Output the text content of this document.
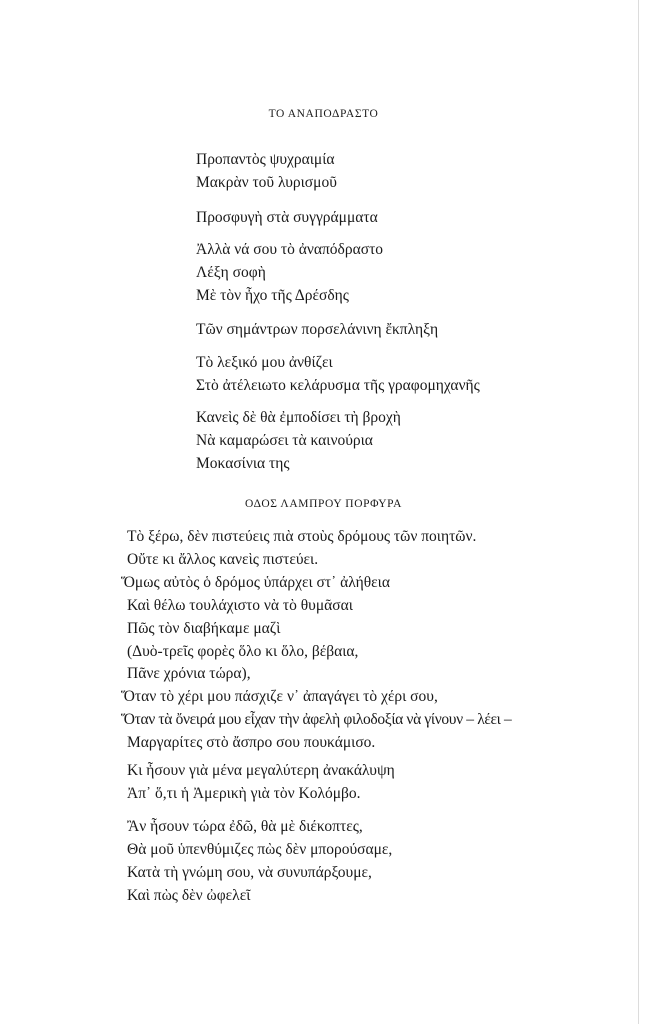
ΤΟ ΑΝΑΠΟΔΡΑΣΤΟ
Προπαντὸς ψυχραιμία
Μακρὰν τοῦ λυρισμοῦ
Προσφυγὴ στὰ συγγράμματα
Ἀλλὰ νά σου τὸ ἀναπόδραστο
Λέξη σοφὴ
Μὲ τὸν ἦχο τῆς Δρέσδης
Τῶν σημάντρων πορσελάνινη ἔκπληξη
Τὸ λεξικό μου ἀνθίζει
Στὸ ἀτέλειωτο κελάρυσμα τῆς γραφομηχανῆς
Κανεὶς δὲ θὰ ἐμποδίσει τὴ βροχὴ
Νὰ καμαρώσει τὰ καινούρια
Μοκασίνια της
ΟΔΟΣ ΛΑΜΠΡΟΥ ΠΟΡΦΥΡΑ
Τὸ ξέρω, δὲν πιστεύεις πιὰ στοὺς δρόμους τῶν ποιητῶν.
Οὔτε κι ἄλλος κανεὶς πιστεύει.
Ὅμως αὐτὸς ὁ δρόμος ὑπάρχει στ᾽ ἀλήθεια
Καὶ θέλω τουλάχιστο νὰ τὸ θυμᾶσαι
Πῶς τὸν διαβήκαμε μαζὶ
(Δυὸ-τρεῖς φορὲς ὅλο κι ὅλο, βέβαια,
Πᾶνε χρόνια τώρα),
Ὅταν τὸ χέρι μου πάσχιζε ν᾽ ἀπαγάγει τὸ χέρι σου,
Ὅταν τὰ ὄνειρά μου εἶχαν τὴν ἀφελὴ φιλοδοξία νὰ γίνουν – λέει –
Μαργαρίτες στὸ ἄσπρο σου πουκάμισο.
Κι ἦσουν γιὰ μένα μεγαλύτερη ἀνακάλυψη
Ἀπ᾽ ὅ,τι ἡ Ἀμερικὴ γιὰ τὸν Κολόμβο.
Ἂν ἦσουν τώρα ἐδῶ, θὰ μὲ διέκοπτες,
Θὰ μοῦ ὑπενθύμιζες πὼς δὲν μπορούσαμε,
Κατὰ τὴ γνώμη σου, νὰ συνυπάρξουμε,
Καὶ πὼς δὲν ὠφελεῖ
